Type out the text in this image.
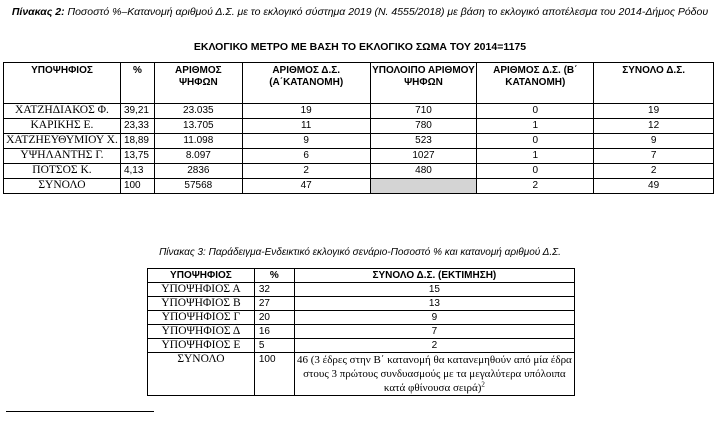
Πίνακας 2: Ποσοστό %–Κατανομή αριθμού Δ.Σ. με το εκλογικό σύστημα 2019 (Ν. 4555/2018) με βάση το εκλογικό αποτέλεσμα του 2014-Δήμος Ρόδου
ΕΚΛΟΓΙΚΟ ΜΕΤΡΟ ΜΕ ΒΑΣΗ ΤΟ ΕΚΛΟΓΙΚΟ ΣΩΜΑ ΤΟΥ 2014=1175
ΥΠΟΨΗΦΙΟΣ	%	ΑΡΙΘΜΟΣ ΨΗΦΩΝ	ΑΡΙΘΜΟΣ Δ.Σ. (Α΄ΚΑΤΑΝΟΜΗ)	ΥΠΟΛΟΙΠΟ ΑΡΙΘΜΟΥ ΨΗΦΩΝ	ΑΡΙΘΜΟΣ Δ.Σ. (Β΄ ΚΑΤΑΝΟΜΗ)	ΣΥΝΟΛΟ Δ.Σ.
ΧΑΤΖΗΔΙΑΚΟΣ Φ.	39,21	23.035	19	710	0	19
ΚΑΡΙΚΗΣ Ε.	23,33	13.705	11	780	1	12
ΧΑΤΖΗΕΥΘΥΜΙΟΥ Χ.	18,89	11.098	9	523	0	9
ΥΨΗΛΑΝΤΗΣ Γ.	13,75	8.097	6	1027	1	7
ΠΟΤΣΟΣ Κ.	4,13	2836	2	480	0	2
ΣΥΝΟΛΟ	100	57568	47		2	49
Πίνακας 3: Παράδειγμα-Ενδεικτικό εκλογικό σενάριο-Ποσοστό % και κατανομή αριθμού Δ.Σ.
ΥΠΟΨΗΦΙΟΣ	%	ΣΥΝΟΛΟ Δ.Σ. (ΕΚΤΙΜΗΣΗ)
ΥΠΟΨΗΦΙΟΣ Α	32	15
ΥΠΟΨΗΦΙΟΣ Β	27	13
ΥΠΟΨΗΦΙΟΣ Γ	20	9
ΥΠΟΨΗΦΙΟΣ Δ	16	7
ΥΠΟΨΗΦΙΟΣ Ε	5	2
ΣΥΝΟΛΟ	100	46 (3 έδρες στην Β΄ κατανομή θα κατανεμηθούν από μία έδρα στους 3 πρώτους συνδυασμούς με τα μεγαλύτερα υπόλοιπα κατά φθίνουσα σειρά)$^2$
